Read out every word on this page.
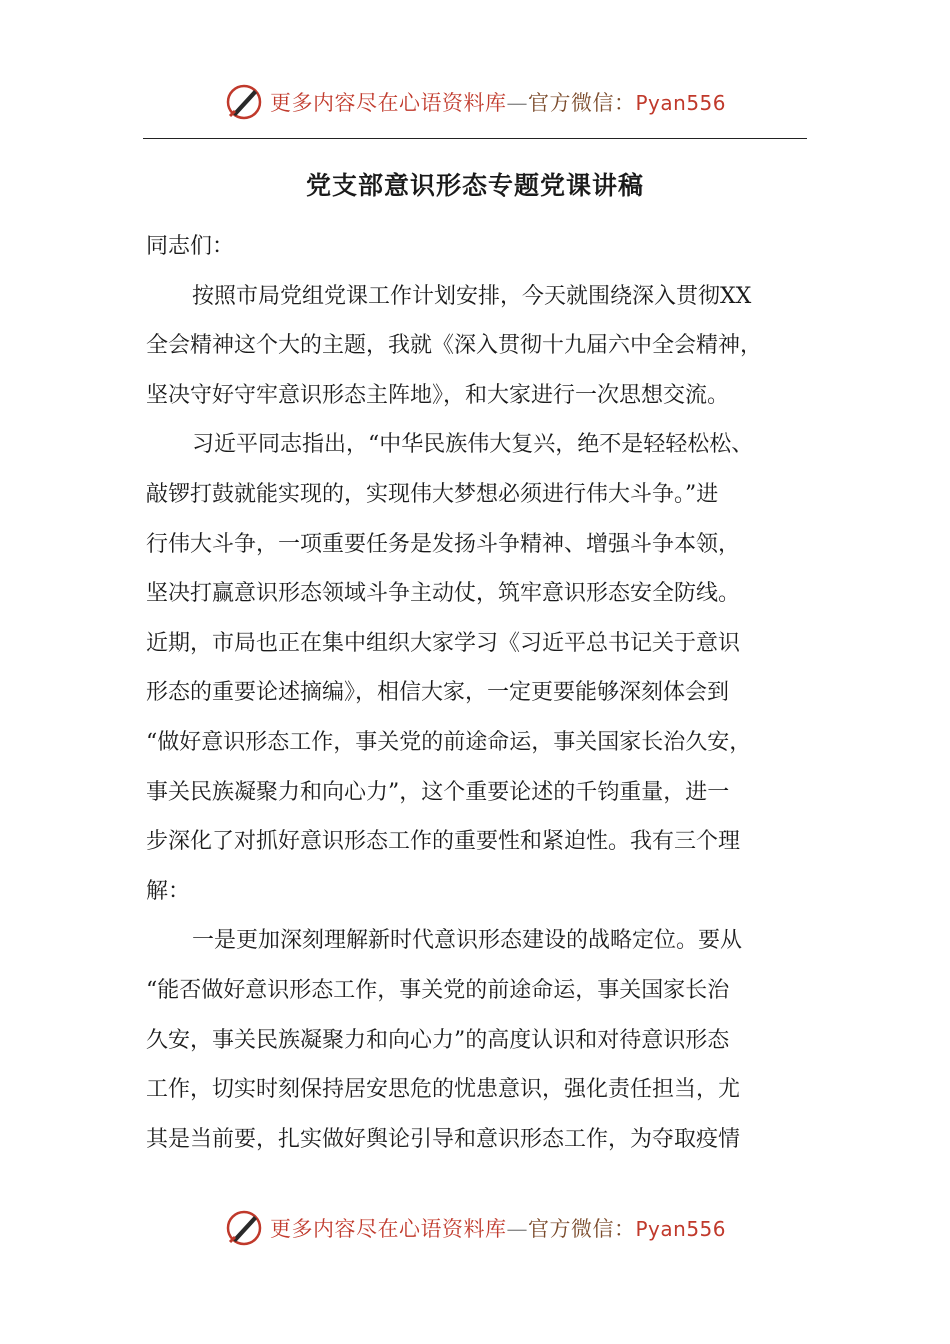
更多内容尽在心语资料库—官方微信：Pyan556
党支部意识形态专题党课讲稿
同志们：
按照市局党组党课工作计划安排，今天就围绕深入贯彻XX
全会精神这个大的主题，我就《深入贯彻十九届六中全会精神，
坚决守好守牢意识形态主阵地》，和大家进行一次思想交流。
习近平同志指出，“中华民族伟大复兴，绝不是轻轻松松、
敲锣打鼓就能实现的，实现伟大梦想必须进行伟大斗争。”进
行伟大斗争，一项重要任务是发扬斗争精神、增强斗争本领，
坚决打赢意识形态领域斗争主动仗，筑牢意识形态安全防线。
近期，市局也正在集中组织大家学习《习近平总书记关于意识
形态的重要论述摘编》，相信大家，一定更要能够深刻体会到
“做好意识形态工作，事关党的前途命运，事关国家长治久安，
事关民族凝聚力和向心力”，这个重要论述的千钧重量，进一
步深化了对抓好意识形态工作的重要性和紧迫性。我有三个理
解：
一是更加深刻理解新时代意识形态建设的战略定位。要从
“能否做好意识形态工作，事关党的前途命运，事关国家长治
久安，事关民族凝聚力和向心力”的高度认识和对待意识形态
工作，切实时刻保持居安思危的忧患意识，强化责任担当，尤
其是当前要，扎实做好舆论引导和意识形态工作，为夺取疫情
更多内容尽在心语资料库—官方微信：Pyan556
